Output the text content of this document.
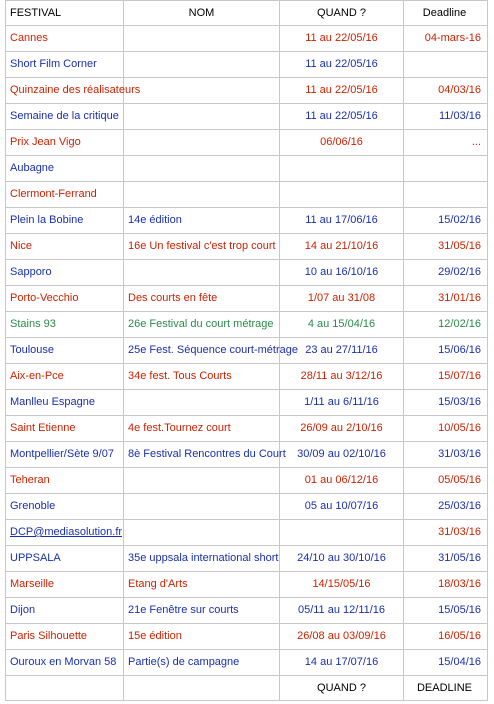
FESTIVAL	NOM	QUAND ?	Deadline
Cannes		11 au 22/05/16	04-mars-16
Short Film Corner		11 au 22/05/16	
Quinzaine des réalisateurs		11 au 22/05/16	04/03/16
Semaine de la critique		11 au 22/05/16	11/03/16
Prix Jean Vigo		06/06/16	...
Aubagne			
Clermont-Ferrand			
Plein la Bobine	14e édition	11 au 17/06/16	15/02/16
Nice	16e Un festival c'est trop court	14 au 21/10/16	31/05/16
Sapporo		10 au 16/10/16	29/02/16
Porto-Vecchio	Des courts en fête	1/07 au 31/08	31/01/16
Stains 93	26e Festival du court métrage	4 au 15/04/16	12/02/16
Toulouse	25e Fest. Séquence court-métrage	23 au 27/11/16	15/06/16
Aix-en-Pce	34e fest. Tous Courts	28/11 au 3/12/16	15/07/16
Manlleu Espagne		1/11 au 6/11/16	15/03/16
Saint Etienne	4e fest.Tournez court	26/09 au 2/10/16	10/05/16
Montpellier/Sète 9/07	8è Festival Rencontres du Court	30/09 au 02/10/16	31/03/16
Teheran		01 au 06/12/16	05/05/16
Grenoble		05 au 10/07/16	25/03/16
DCP@mediasolution.fr			31/03/16
UPPSALA	35e uppsala international short	24/10 au 30/10/16	31/05/16
Marseille	Etang d'Arts	14/15/05/16	18/03/16
Dijon	21e Fenêtre sur courts	05/11 au 12/11/16	15/05/16
Paris Silhouette	15e édition	26/08 au 03/09/16	16/05/16
Ouroux en Morvan 58	Partie(s) de campagne	14 au 17/07/16	15/04/16
		QUAND ?	DEADLINE
